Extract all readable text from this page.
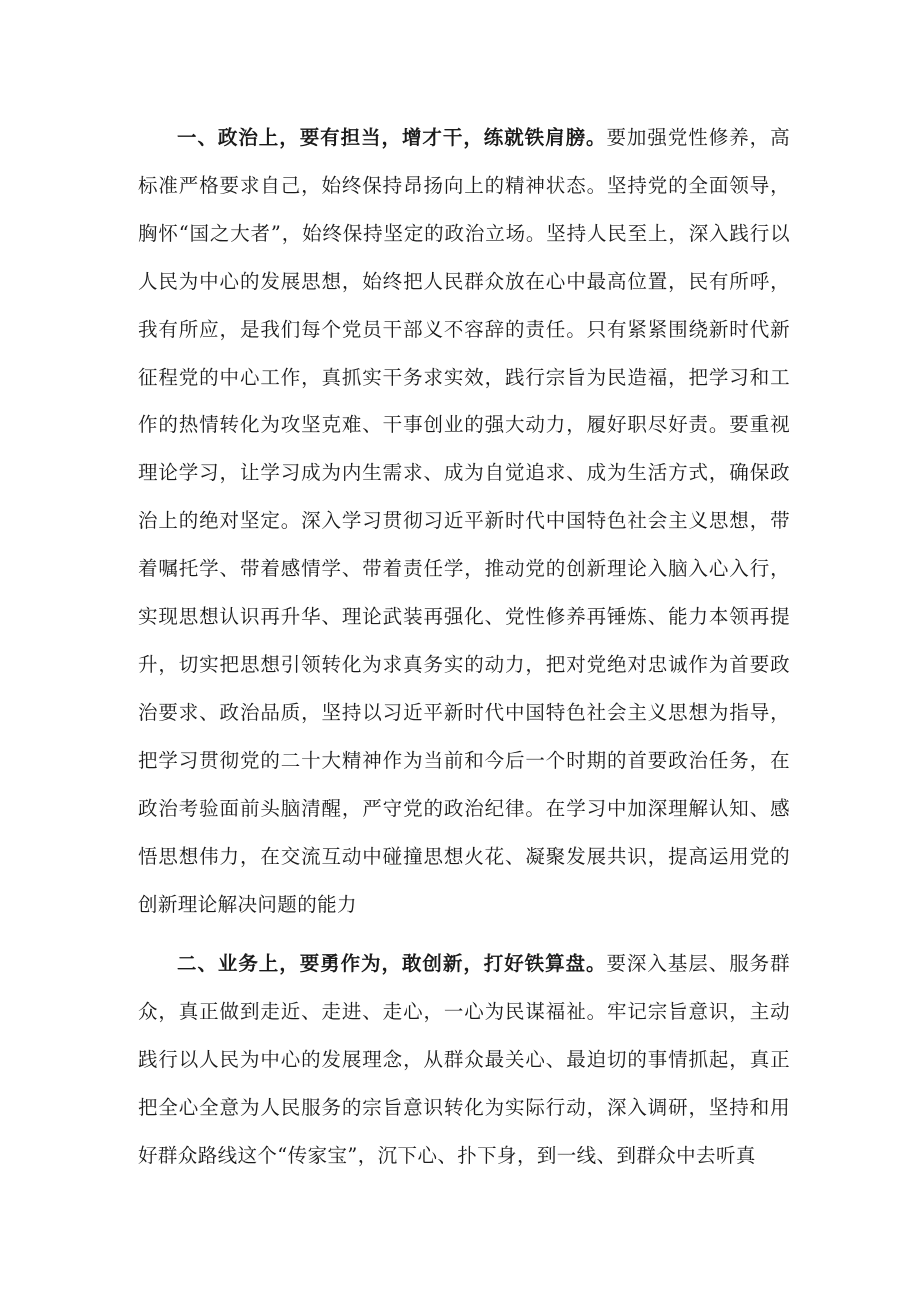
一、政治上，要有担当，增才干，练就铁肩膀。要加强党性修养，高标准严格要求自己，始终保持昂扬向上的精神状态。坚持党的全面领导，胸怀“国之大者”，始终保持坚定的政治立场。坚持人民至上，深入践行以人民为中心的发展思想，始终把人民群众放在心中最高位置，民有所呼，我有所应，是我们每个党员干部义不容辞的责任。只有紧紧围绕新时代新征程党的中心工作，真抓实干务求实效，践行宗旨为民造福，把学习和工作的热情转化为攻坚克难、干事创业的强大动力，履好职尽好责。要重视理论学习，让学习成为内生需求、成为自觉追求、成为生活方式，确保政治上的绝对坚定。深入学习贯彻习近平新时代中国特色社会主义思想，带着嘱托学、带着感情学、带着责任学，推动党的创新理论入脑入心入行，实现思想认识再升华、理论武装再强化、党性修养再锤炼、能力本领再提升，切实把思想引领转化为求真务实的动力，把对党绝对忠诚作为首要政治要求、政治品质，坚持以习近平新时代中国特色社会主义思想为指导，把学习贯彻党的二十大精神作为当前和今后一个时期的首要政治任务，在政治考验面前头脑清醒，严守党的政治纪律。在学习中加深理解认知、感悟思想伟力，在交流互动中碰撞思想火花、凝聚发展共识，提高运用党的创新理论解决问题的能力

二、业务上，要勇作为，敢创新，打好铁算盘。要深入基层、服务群众，真正做到走近、走进、走心，一心为民谋福祉。牢记宗旨意识，主动践行以人民为中心的发展理念，从群众最关心、最迫切的事情抓起，真正把全心全意为人民服务的宗旨意识转化为实际行动，深入调研，坚持和用好群众路线这个“传家宝”，沉下心、扑下身，到一线、到群众中去听真
